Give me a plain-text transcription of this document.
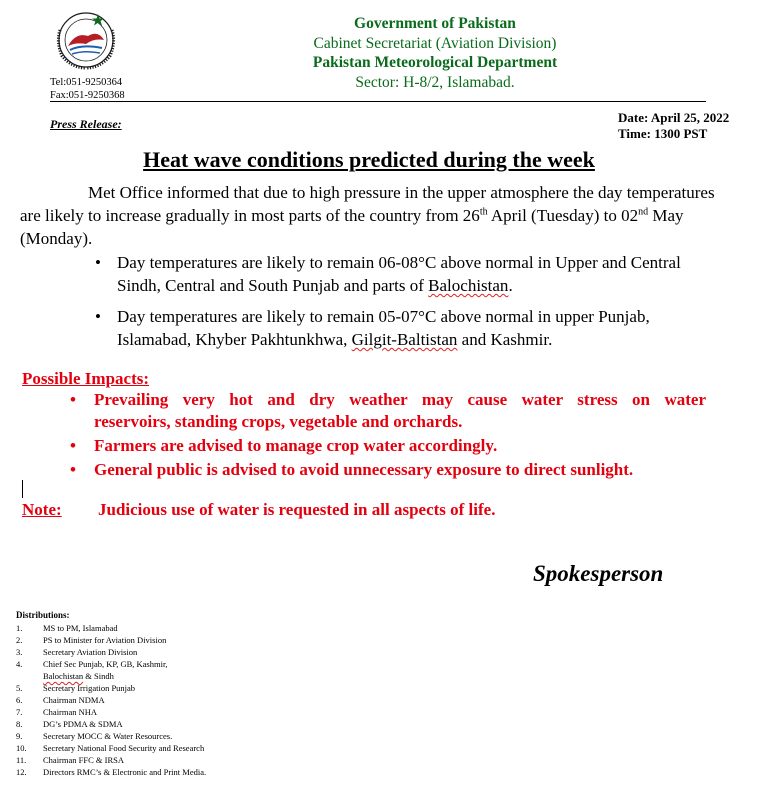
Government of Pakistan
Cabinet Secretariat (Aviation Division)
Pakistan Meteorological Department
Sector: H-8/2, Islamabad.
Tel:051-9250364
Fax:051-9250368
Press Release:	Date: April 25, 2022
Time: 1300 PST
Heat wave conditions predicted during the week
Met Office informed that due to high pressure in the upper atmosphere the day temperatures are likely to increase gradually in most parts of the country from 26th April (Tuesday) to 02nd May (Monday).
• Day temperatures are likely to remain 06-08°C above normal in Upper and Central Sindh, Central and South Punjab and parts of Balochistan.
• Day temperatures are likely to remain 05-07°C above normal in upper Punjab, Islamabad, Khyber Pakhtunkhwa, Gilgit-Baltistan and Kashmir.
Possible Impacts:
• Prevailing very hot and dry weather may cause water stress on water
reservoirs, standing crops, vegetable and orchards.
• Farmers are advised to manage crop water accordingly.
• General public is advised to avoid unnecessary exposure to direct sunlight.
Note: Judicious use of water is requested in all aspects of life.
Spokesperson
Distributions:
1.	MS to PM, Islamabad
2.	PS to Minister for Aviation Division
3.	Secretary Aviation Division
4.	Chief Sec Punjab, KP, GB, Kashmir,
Balochistan & Sindh
5.	Secretary Irrigation Punjab
6.	Chairman NDMA
7.	Chairman NHA
8.	DG’s PDMA & SDMA
9.	Secretary MOCC & Water Resources.
10.	Secretary National Food Security and Research
11.	Chairman FFC & IRSA
12.	Directors RMC’s & Electronic and Print Media.
